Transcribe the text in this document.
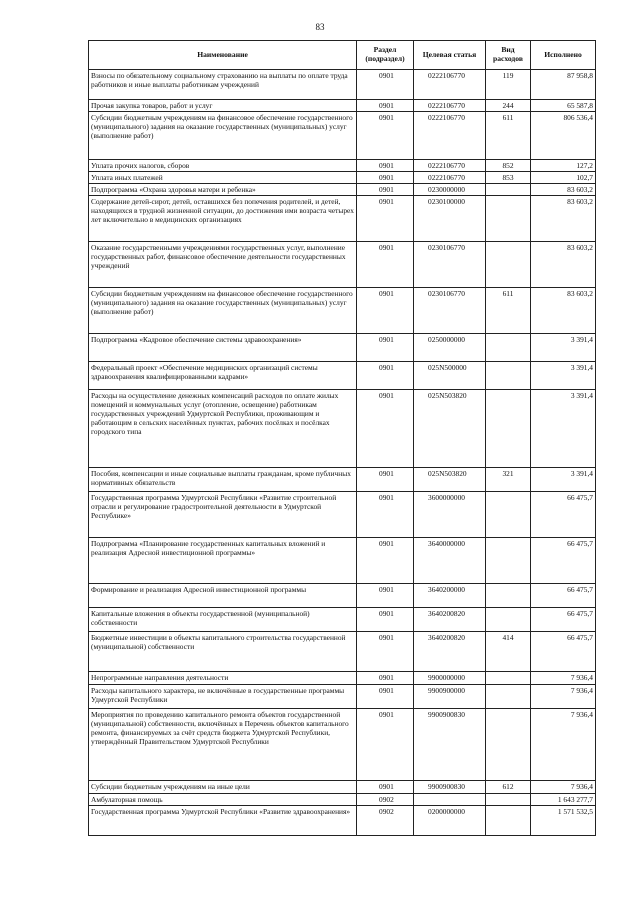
83
Наименование	Раздел (подраздел)	Целевая статья	Вид расходов	Исполнено
Взносы по обязательному социальному страхованию на выплаты по оплате труда работников и иные выплаты работникам учреждений	0901	0222106770	119	87 958,8
Прочая закупка товаров, работ и услуг	0901	0222106770	244	65 587,8
Субсидии бюджетным учреждениям на финансовое обеспечение государственного (муниципального) задания на оказание государственных (муниципальных) услуг (выполнение работ)	0901	0222106770	611	806 536,4
Уплата прочих налогов, сборов	0901	0222106770	852	127,2
Уплата иных платежей	0901	0222106770	853	102,7
Подпрограмма «Охрана здоровья матери и ребенка»	0901	0230000000		83 603,2
Содержание детей-сирот, детей, оставшихся без попечения родителей, и детей, находящихся в трудной жизненной ситуации, до достижения ими возраста четырех лет включительно в медицинских организациях	0901	0230100000		83 603,2
Оказание государственными учреждениями государственных услуг, выполнение государственных работ, финансовое обеспечение деятельности государственных учреждений	0901	0230106770		83 603,2
Субсидии бюджетным учреждениям на финансовое обеспечение государственного (муниципального) задания на оказание государственных (муниципальных) услуг (выполнение работ)	0901	0230106770	611	83 603,2
Подпрограмма «Кадровое обеспечение системы здравоохранения»	0901	0250000000		3 391,4
Федеральный проект «Обеспечение медицинских организаций системы здравоохранения квалифицированными кадрами»	0901	025N500000		3 391,4
Расходы на осуществление денежных компенсаций расходов по оплате жилых помещений и коммунальных услуг (отопление, освещение) работникам государственных учреждений Удмуртской Республики, проживающим и работающим в сельских населённых пунктах, рабочих посёлках и посёлках городского типа	0901	025N503820		3 391,4
Пособия, компенсации и иные социальные выплаты гражданам, кроме публичных нормативных обязательств	0901	025N503820	321	3 391,4
Государственная программа Удмуртской Республики «Развитие строительной отрасли и регулирование градостроительной деятельности в Удмуртской Республике»	0901	3600000000		66 475,7
Подпрограмма «Планирование государственных капитальных вложений и реализация Адресной инвестиционной программы»	0901	3640000000		66 475,7
Формирование и реализация Адресной инвестиционной программы	0901	3640200000		66 475,7
Капитальные вложения в объекты государственной (муниципальной) собственности	0901	3640200820		66 475,7
Бюджетные инвестиции в объекты капитального строительства государственной (муниципальной) собственности	0901	3640200820	414	66 475,7
Непрограммные направления деятельности	0901	9900000000		7 936,4
Расходы капитального характера, не включённые в государственные программы Удмуртской Республики	0901	9900900000		7 936,4
Мероприятия по проведению капитального ремонта объектов государственной (муниципальной) собственности, включённых в Перечень объектов капитального ремонта, финансируемых за счёт средств бюджета Удмуртской Республики, утверждённый Правительством Удмуртской Республики	0901	9900900830		7 936,4
Субсидии бюджетным учреждениям на иные цели	0901	9900900830	612	7 936,4
Амбулаторная помощь	0902			1 643 277,7
Государственная программа Удмуртской Республики «Развитие здравоохранения»	0902	0200000000		1 571 532,5
